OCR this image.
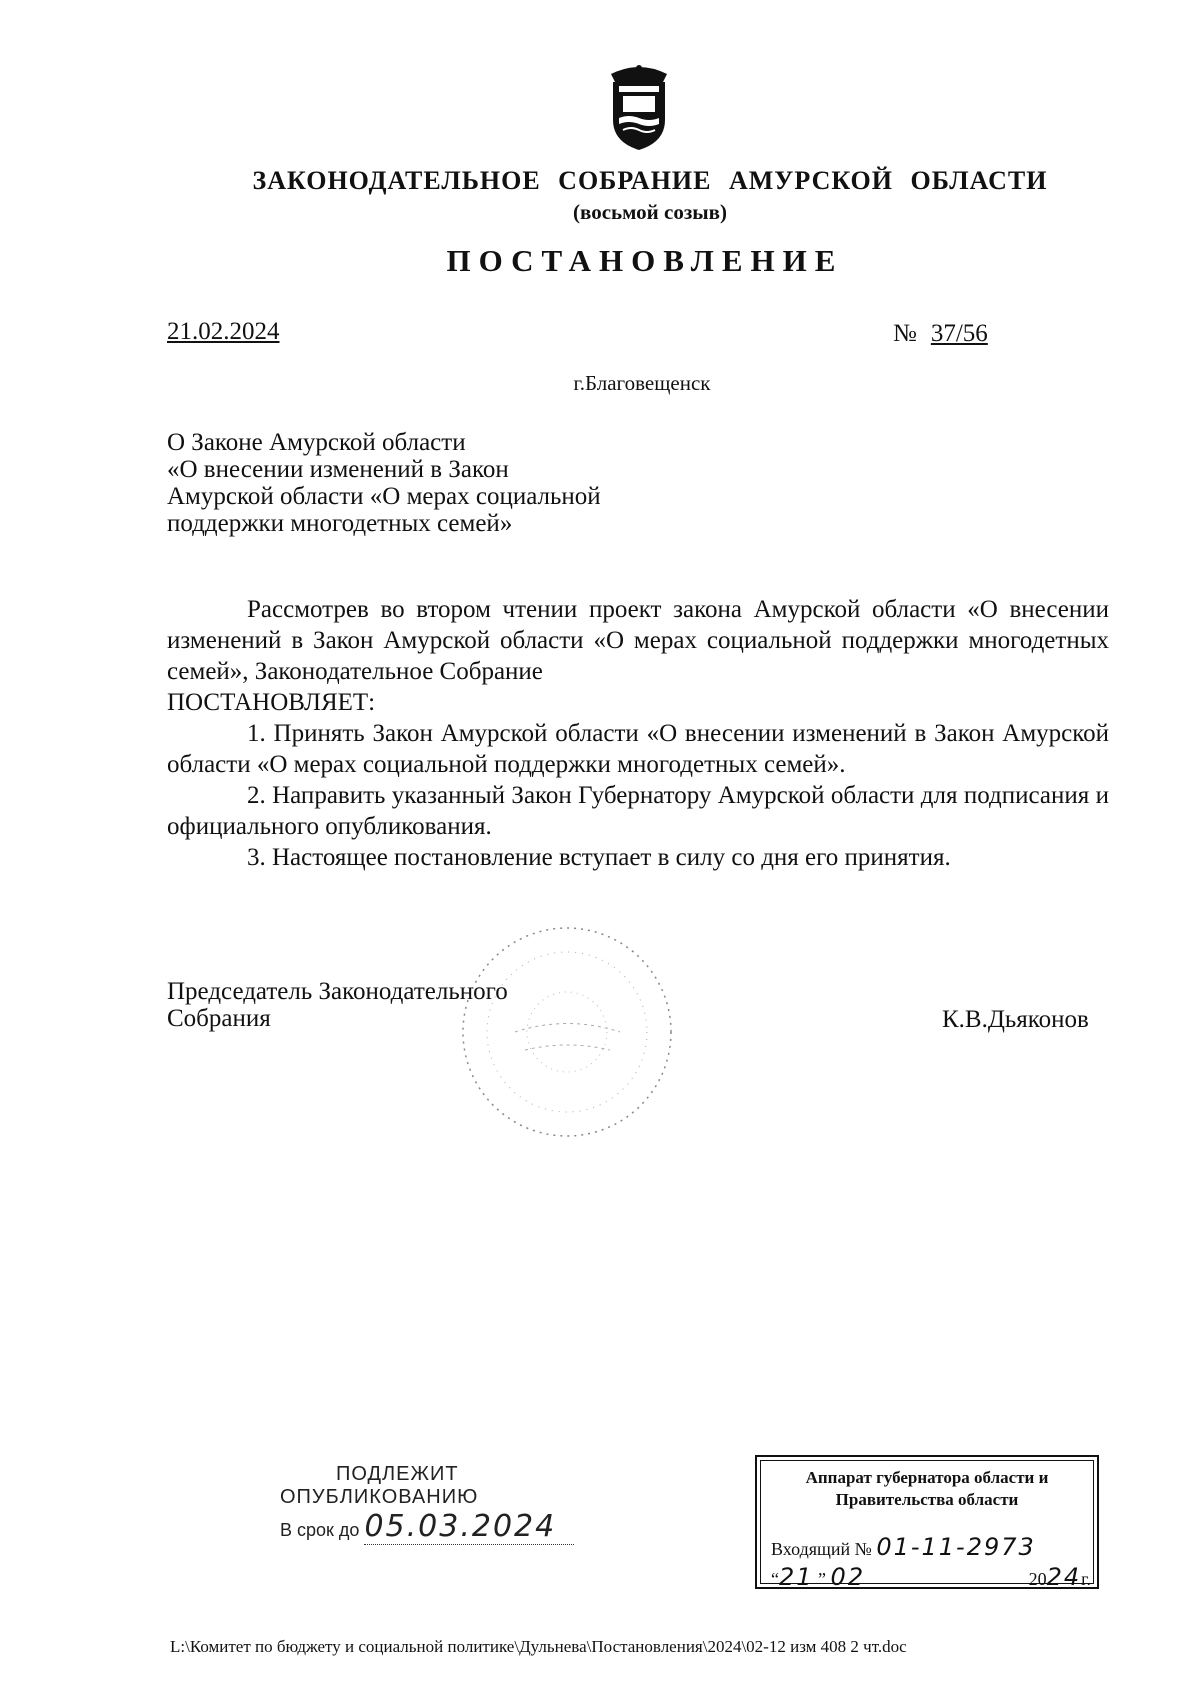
ЗАКОНОДАТЕЛЬНОЕ СОБРАНИЕ АМУРСКОЙ ОБЛАСТИ
(восьмой созыв)
ПОСТАНОВЛЕНИЕ
21.02.2024	№ 37/56
г.Благовещенск
О Законе Амурской области
«О внесении изменений в Закон
Амурской области «О мерах социальной
поддержки многодетных семей»

Рассмотрев во втором чтении проект закона Амурской области «О внесении изменений в Закон Амурской области «О мерах социальной поддержки многодетных семей», Законодательное Собрание

ПОСТАНОВЛЯЕТ:

1. Принять Закон Амурской области «О внесении изменений в Закон Амурской области «О мерах социальной поддержки многодетных семей».

2. Направить указанный Закон Губернатору Амурской области для подписания и официального опубликования.

3. Настоящее постановление вступает в силу со дня его принятия.

Председатель Законодательного
Собрания	К.В.Дьяконов
ПОДЛЕЖИТ
ОПУБЛИКОВАНИЮ
В срок до 05.03.2024
Аппарат губернатора области и
Правительства области
Входящий № 01-11-2973
“21 ” 02	2024г.
L:\Комитет по бюджету и социальной политике\Дульнева\Постановления\2024\02-12 изм 408 2 чт.doc
